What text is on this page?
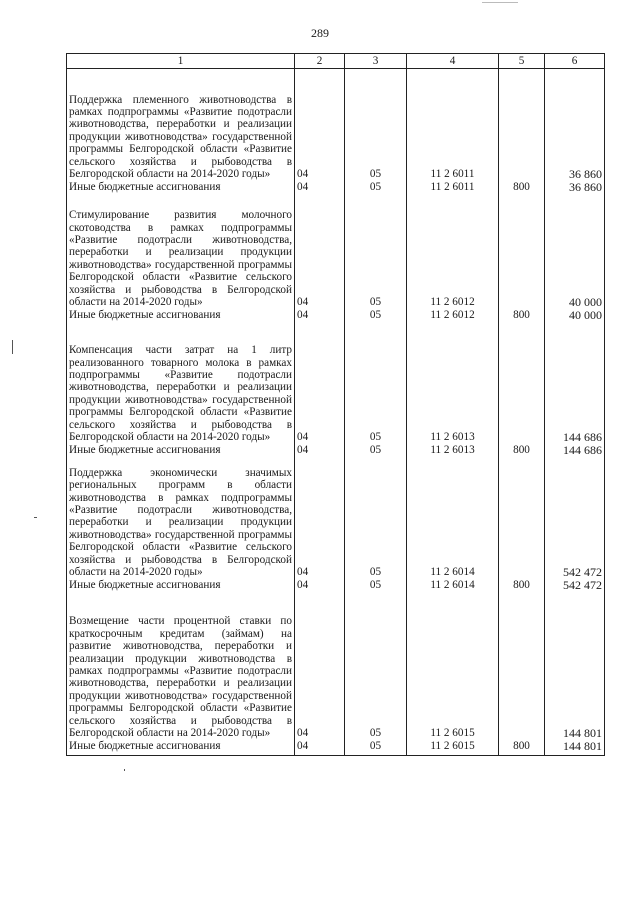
289
1	2	3	4	5	6
Поддержка племенного животноводства в рамках подпрограммы «Развитие подотрасли животноводства, переработки и реализации продукции животноводства» государственной программы Белгородской области «Развитие сельского хозяйства и рыбоводства в Белгородской области на 2014-2020 годы»	04	05	11 2 6011		36 860
Иные бюджетные ассигнования	04	05	11 2 6011	800	36 860
Стимулирование развития молочного скотоводства в рамках подпрограммы «Развитие подотрасли животноводства, переработки и реализации продукции животноводства» государственной программы Белгородской области «Развитие сельского хозяйства и рыбоводства в Белгородской области на 2014-2020 годы»	04	05	11 2 6012		40 000
Иные бюджетные ассигнования	04	05	11 2 6012	800	40 000
Компенсация части затрат на 1 литр реализованного товарного молока в рамках подпрограммы «Развитие подотрасли животноводства, переработки и реализации продукции животноводства» государственной программы Белгородской области «Развитие сельского хозяйства и рыбоводства в Белгородской области на 2014-2020 годы»	04	05	11 2 6013		144 686
Иные бюджетные ассигнования	04	05	11 2 6013	800	144 686
Поддержка экономически значимых региональных программ в области животноводства в рамках подпрограммы «Развитие подотрасли животноводства, переработки и реализации продукции животноводства» государственной программы Белгородской области «Развитие сельского хозяйства и рыбоводства в Белгородской области на 2014-2020 годы»	04	05	11 2 6014		542 472
Иные бюджетные ассигнования	04	05	11 2 6014	800	542 472
Возмещение части процентной ставки по краткосрочным кредитам (займам) на развитие животноводства, переработки и реализации продукции животноводства в рамках подпрограммы «Развитие подотрасли животноводства, переработки и реализации продукции животноводства» государственной программы Белгородской области «Развитие сельского хозяйства и рыбоводства в Белгородской области на 2014-2020 годы»	04	05	11 2 6015		144 801
Иные бюджетные ассигнования	04	05	11 2 6015	800	144 801
